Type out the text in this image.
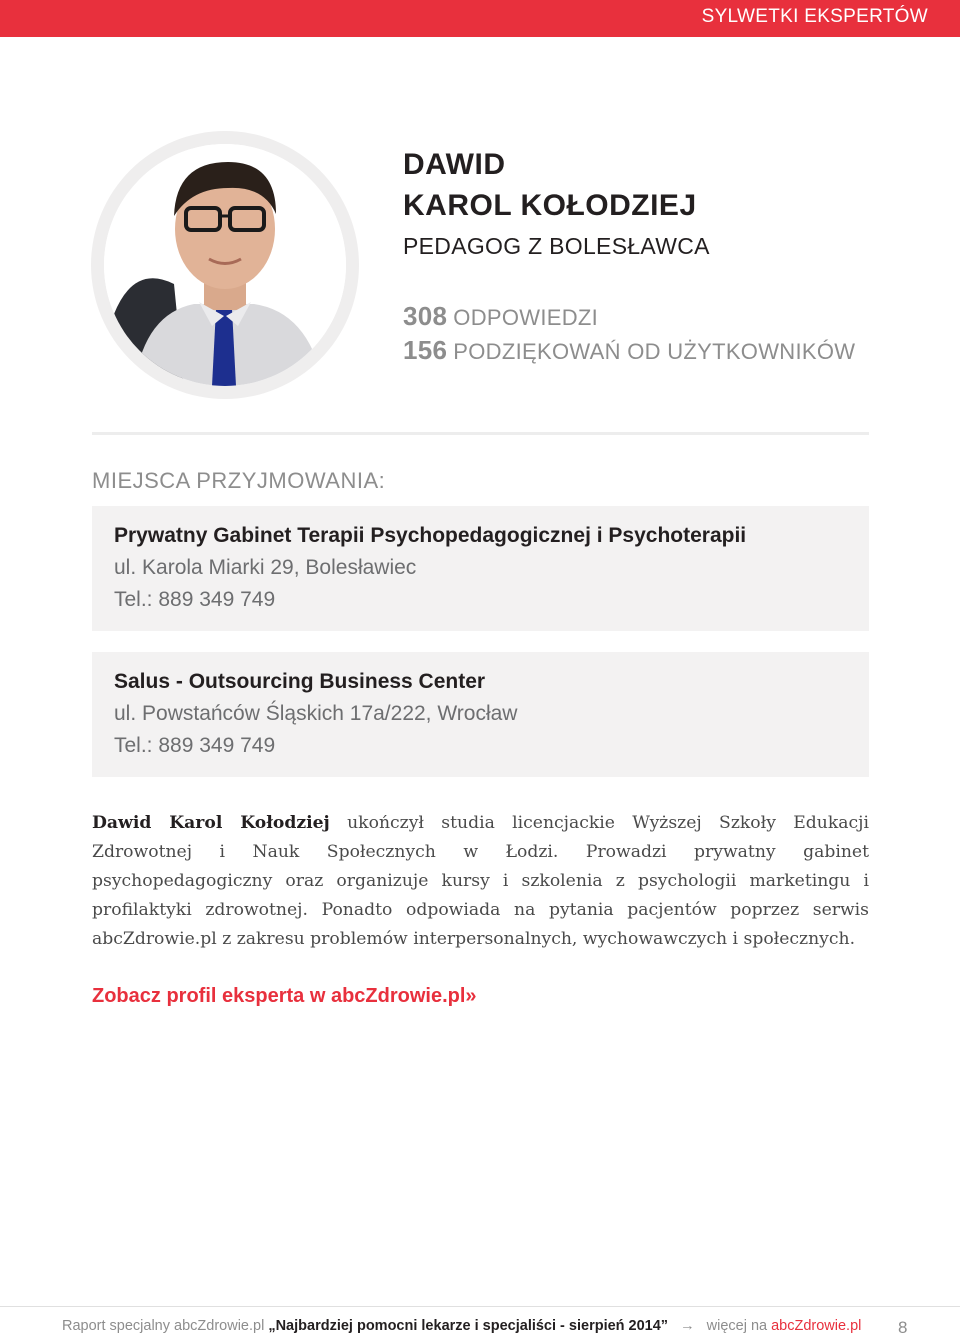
SYLWETKI EKSPERTÓW
DAWID
KAROL KOŁODZIEJ
PEDAGOG Z BOLESŁAWCA
308 ODPOWIEDZI
156 PODZIĘKOWAŃ OD UŻYTKOWNIKÓW
MIEJSCA PRZYJMOWANIA:
Prywatny Gabinet Terapii Psychopedagogicznej i Psychoterapii
ul. Karola Miarki 29, Bolesławiec
Tel.: 889 349 749
Salus - Outsourcing Business Center
ul. Powstańców Śląskich 17a/222, Wrocław
Tel.: 889 349 749
Dawid Karol Kołodziej ukończył studia licencjackie Wyższej Szkoły Edukacji Zdrowotnej i Nauk Społecznych w Łodzi. Prowadzi prywatny gabinet psychopedagogiczny oraz organizuje kursy i szkolenia z psychologii marketingu i profilaktyki zdrowotnej. Ponadto odpowiada na pytania pacjentów poprzez serwis abcZdrowie.pl z zakresu problemów interpersonalnych, wychowawczych i społecznych.
Zobacz profil eksperta w abcZdrowie.pl»
Raport specjalny abcZdrowie.pl „Najbardziej pomocni lekarze i specjaliści - sierpień 2014” → więcej na abcZdrowie.pl 8
